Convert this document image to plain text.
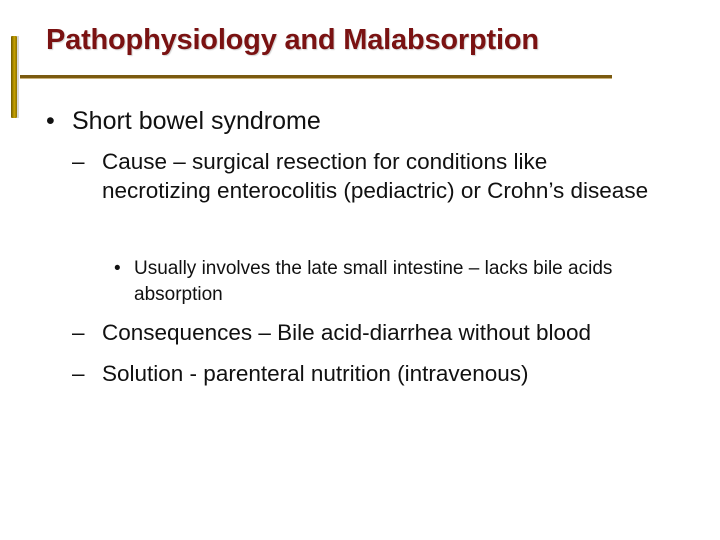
Pathophysiology and Malabsorption
• Short bowel syndrome
– Cause – surgical resection for conditions like necrotizing enterocolitis (pediactric) or Crohn’s disease
• Usually involves the late small intestine – lacks bile acids absorption
– Consequences – Bile acid-diarrhea without blood
– Solution - parenteral nutrition (intravenous)
